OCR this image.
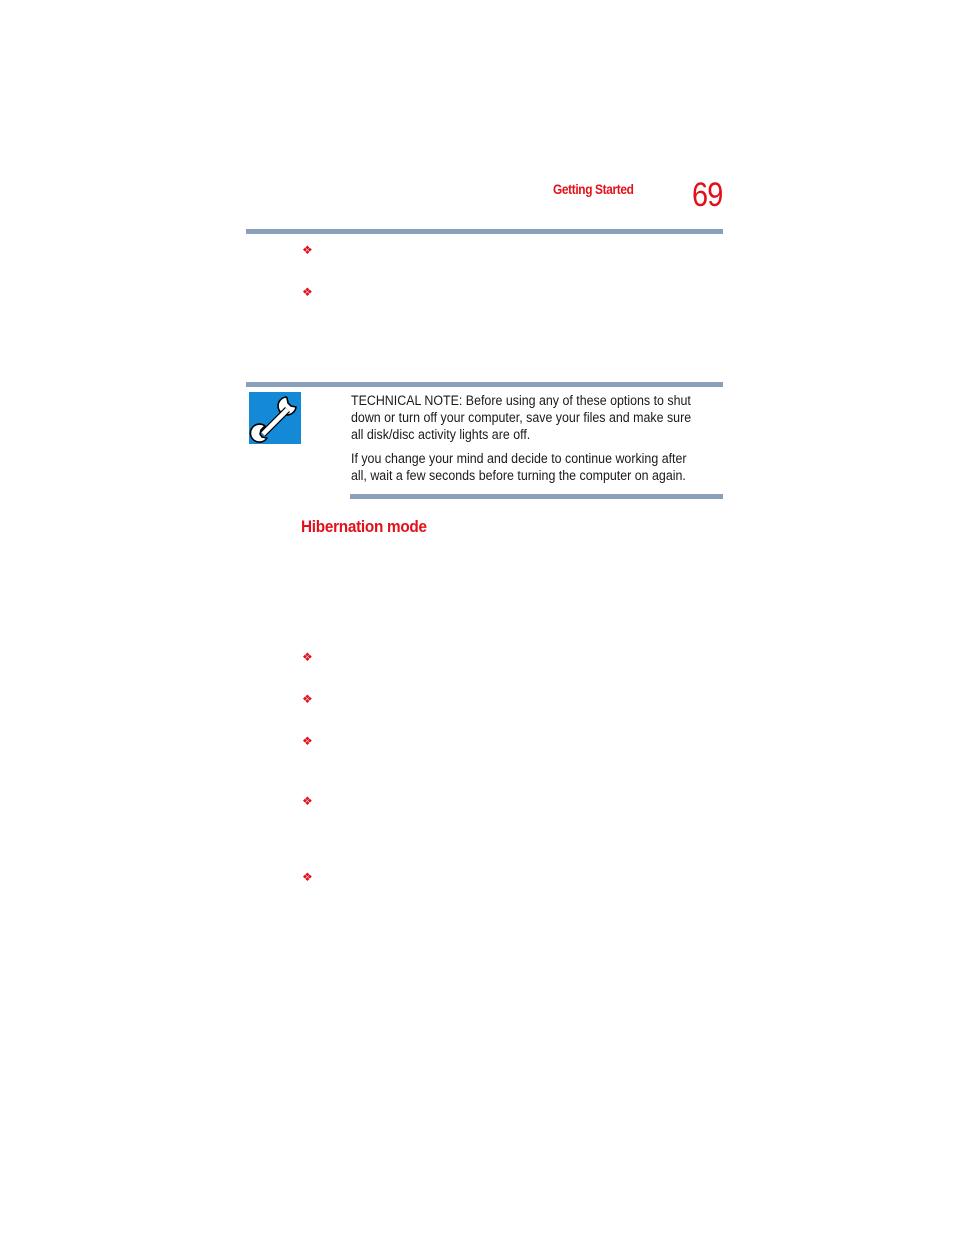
Getting Started 69
❖
❖
TECHNICAL NOTE: Before using any of these options to shut down or turn off your computer, save your files and make sure all disk/disc activity lights are off.
If you change your mind and decide to continue working after all, wait a few seconds before turning the computer on again.
Hibernation mode
❖
❖
❖
❖
❖
